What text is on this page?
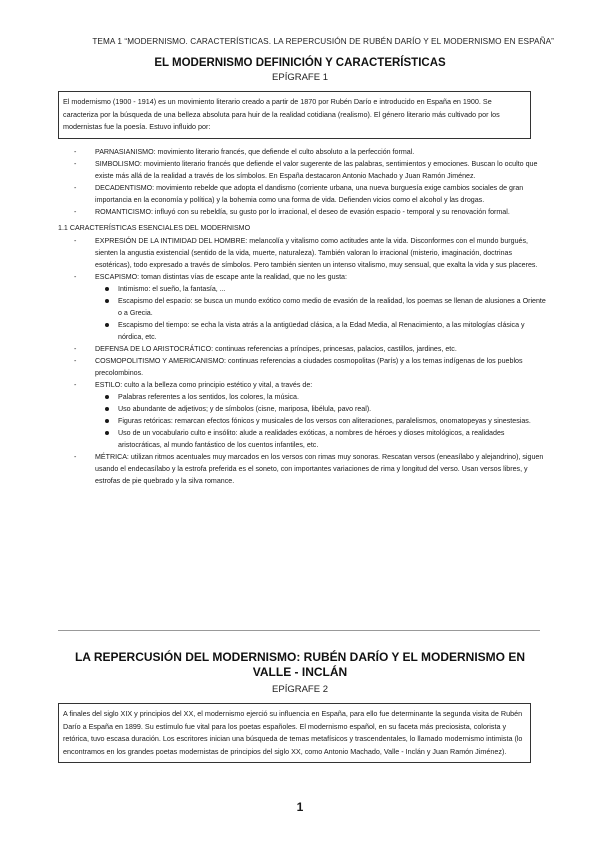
TEMA 1 “MODERNISMO. CARACTERÍSTICAS. LA REPERCUSIÓN DE RUBÉN DARÍO Y EL MODERNISMO EN ESPAÑA”
EL MODERNISMO DEFINICIÓN Y CARACTERÍSTICAS
EPÍGRAFE 1
El modernismo (1900 - 1914) es un movimiento literario creado a partir de 1870 por Rubén Darío e introducido en España en 1900. Se caracteriza por la búsqueda de una belleza absoluta para huir de la realidad cotidiana (realismo). El género literario más cultivado por los modernistas fue la poesía. Estuvo influido por:
- PARNASIANISMO: movimiento literario francés, que defiende el culto absoluto a la perfección formal.
- SIMBOLISMO: movimiento literario francés que defiende el valor sugerente de las palabras, sentimientos y emociones. Buscan lo oculto que existe más allá de la realidad a través de los símbolos. En España destacaron Antonio Machado y Juan Ramón Jiménez.
- DECADENTISMO: movimiento rebelde que adopta el dandismo (corriente urbana, una nueva burguesía exige cambios sociales de gran importancia en la economía y política) y la bohemia como una forma de vida. Defienden vicios como el alcohol y las drogas.
- ROMANTICISMO: influyó con su rebeldía, su gusto por lo irracional, el deseo de evasión espacio - temporal y su renovación formal.
1.1 CARACTERÍSTICAS ESENCIALES DEL MODERNISMO
- EXPRESIÓN DE LA INTIMIDAD DEL HOMBRE: melancolía y vitalismo como actitudes ante la vida. Disconformes con el mundo burgués, sienten la angustia existencial (sentido de la vida, muerte, naturaleza). También valoran lo irracional (misterio, imaginación, doctrinas esotéricas), todo expresado a través de símbolos. Pero también sienten un intenso vitalismo, muy sensual, que exalta la vida y sus placeres.
- ESCAPISMO: toman distintas vías de escape ante la realidad, que no les gusta:
Intimismo: el sueño, la fantasía, ...
Escapismo del espacio: se busca un mundo exótico como medio de evasión de la realidad, los poemas se llenan de alusiones a Oriente o a Grecia.
Escapismo del tiempo: se echa la vista atrás a la antigüedad clásica, a la Edad Media, al Renacimiento, a las mitologías clásica y nórdica, etc.
- DEFENSA DE LO ARISTOCRÁTICO: continuas referencias a príncipes, princesas, palacios, castillos, jardines, etc.
- COSMOPOLITISMO Y AMERICANISMO: continuas referencias a ciudades cosmopolitas (París) y a los temas indígenas de los pueblos precolombinos.
- ESTILO: culto a la belleza como principio estético y vital, a través de:
Palabras referentes a los sentidos, los colores, la música.
Uso abundante de adjetivos; y de símbolos (cisne, mariposa, libélula, pavo real).
Figuras retóricas: remarcan efectos fónicos y musicales de los versos con aliteraciones, paralelismos, onomatopeyas y sinestesias.
Uso de un vocabulario culto e insólito: alude a realidades exóticas, a nombres de héroes y dioses mitológicos, a realidades aristocráticas, al mundo fantástico de los cuentos infantiles, etc.
- MÉTRICA: utilizan ritmos acentuales muy marcados en los versos con rimas muy sonoras. Rescatan versos (eneasílabo y alejandrino), siguen usando el endecasílabo y la estrofa preferida es el soneto, con importantes variaciones de rima y longitud del verso. Usan versos libres, y estrofas de pie quebrado y la silva romance.
LA REPERCUSIÓN DEL MODERNISMO: RUBÉN DARÍO Y EL MODERNISMO EN VALLE - INCLÁN
EPÍGRAFE 2
A finales del siglo XIX y principios del XX, el modernismo ejerció su influencia en España, para ello fue determinante la segunda visita de Rubén Darío a España en 1899. Su estímulo fue vital para los poetas españoles. El modernismo español, en su faceta más preciosista, colorista y retórica, tuvo escasa duración. Los escritores inician una búsqueda de temas metafísicos y trascendentales, lo llamado modernismo intimista (lo encontramos en los grandes poetas modernistas de principios del siglo XX, como Antonio Machado, Valle - Inclán y Juan Ramón Jiménez).
1
